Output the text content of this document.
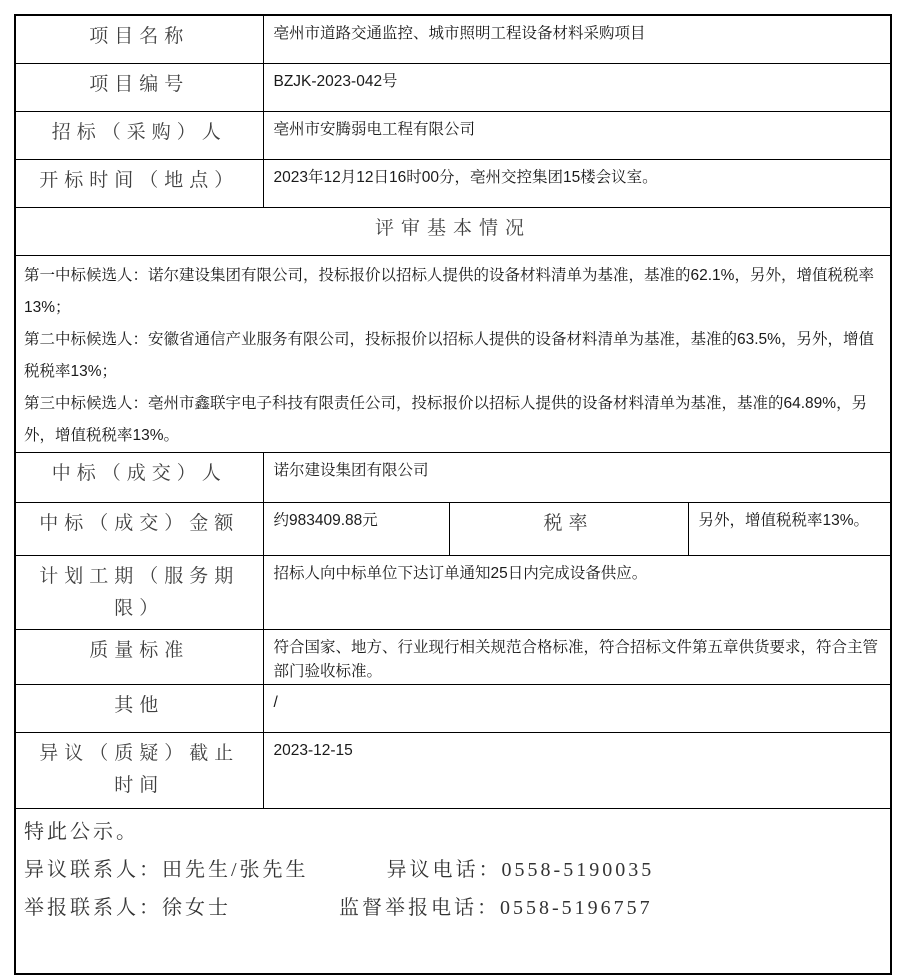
项目名称	亳州市道路交通监控、城市照明工程设备材料采购项目		
项目编号	BZJK-2023-042号		
招标（采购）人	亳州市安腾弱电工程有限公司		
开标时间（地点）	2023年12月12日16时00分，亳州交控集团15楼会议室。		
评审基本情况			

第一中标候选人：诺尔建设集团有限公司，投标报价以招标人提供的设备材料清单为基准，基准的62.1%，另外，增值税税率13%；
第二中标候选人：安徽省通信产业服务有限公司，投标报价以招标人提供的设备材料清单为基准，基准的63.5%，另外，增值税税率13%；
第三中标候选人：亳州市鑫联宇电子科技有限责任公司，投标报价以招标人提供的设备材料清单为基准，基准的64.89%，另外，增值税税率13%。			

中标（成交）人	诺尔建设集团有限公司		
中标（成交）金额	约983409.88元	税率	另外，增值税税率13%。
计划工期（服务期限）	招标人向中标单位下达订单通知25日内完成设备供应。		
质量标准	符合国家、地方、行业现行相关规范合格标准，符合招标文件第五章供货要求，符合主管部门验收标准。		
其他	/		
异议（质疑）截止时间	2023-12-15		

特此公示。
异议联系人：田先生/张先生 异议电话：0558-5190035
举报联系人：徐女士 监督举报电话：0558-5196757			
